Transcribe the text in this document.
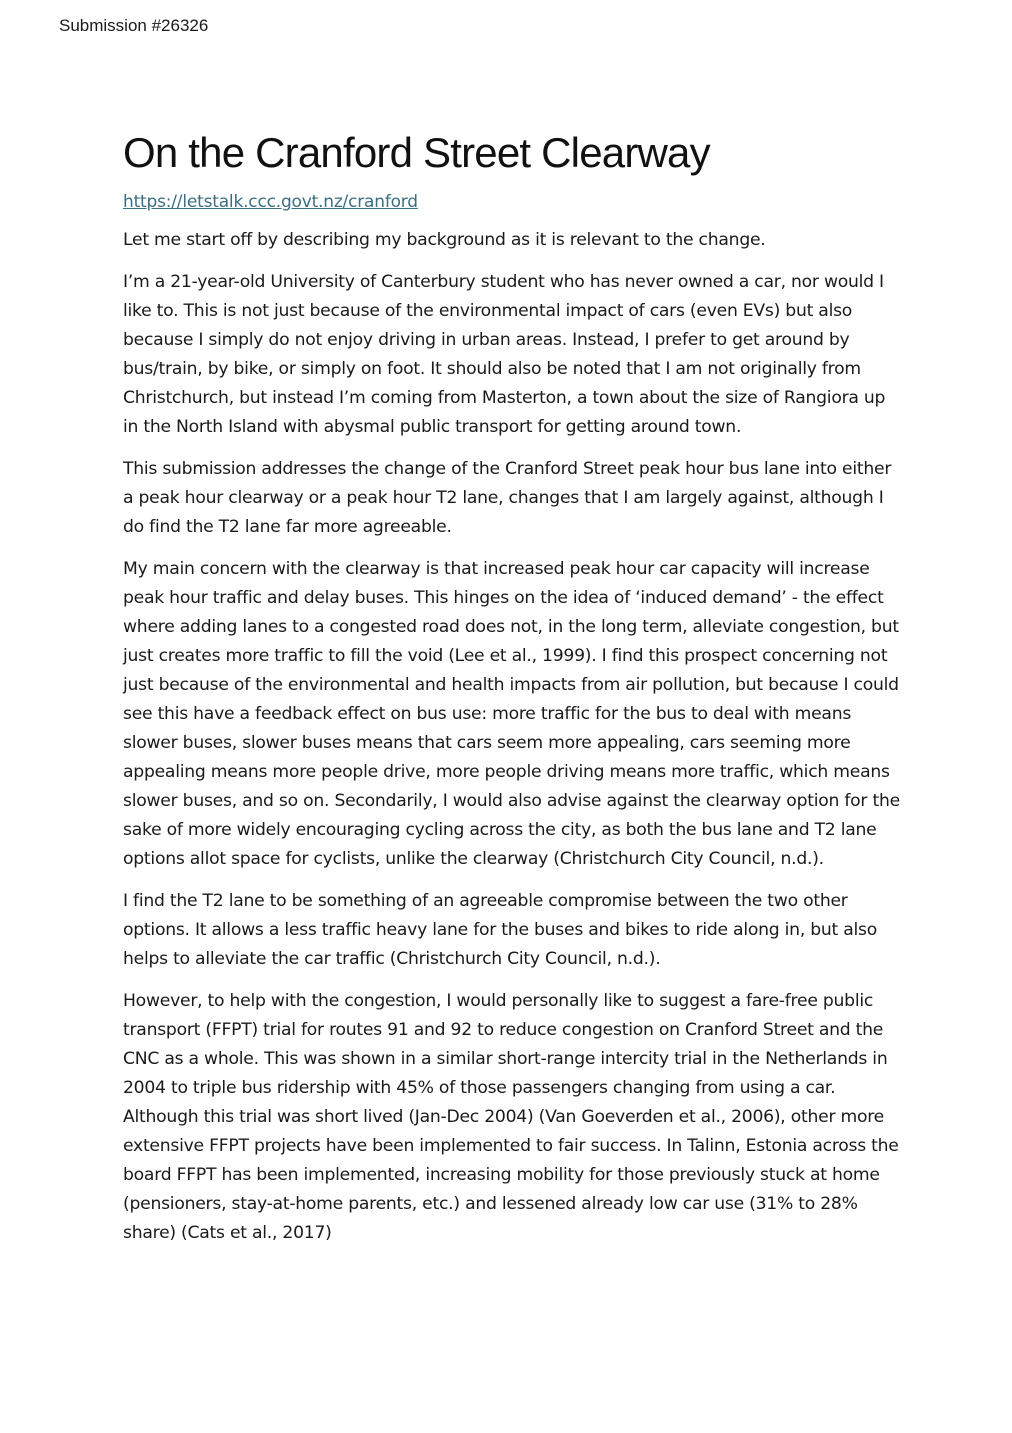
Submission #26326

On the Cranford Street Clearway
https://letstalk.ccc.govt.nz/cranford

Let me start off by describing my background as it is relevant to the change.

I’m a 21-year-old University of Canterbury student who has never owned a car, nor would I like to. This is not just because of the environmental impact of cars (even EVs) but also because I simply do not enjoy driving in urban areas. Instead, I prefer to get around by bus/train, by bike, or simply on foot. It should also be noted that I am not originally from Christchurch, but instead I’m coming from Masterton, a town about the size of Rangiora up in the North Island with abysmal public transport for getting around town.

This submission addresses the change of the Cranford Street peak hour bus lane into either a peak hour clearway or a peak hour T2 lane, changes that I am largely against, although I do find the T2 lane far more agreeable.

My main concern with the clearway is that increased peak hour car capacity will increase peak hour traffic and delay buses. This hinges on the idea of ‘induced demand’ - the effect where adding lanes to a congested road does not, in the long term, alleviate congestion, but just creates more traffic to fill the void (Lee et al., 1999). I find this prospect concerning not just because of the environmental and health impacts from air pollution, but because I could see this have a feedback effect on bus use: more traffic for the bus to deal with means slower buses, slower buses means that cars seem more appealing, cars seeming more appealing means more people drive, more people driving means more traffic, which means slower buses, and so on. Secondarily, I would also advise against the clearway option for the sake of more widely encouraging cycling across the city, as both the bus lane and T2 lane options allot space for cyclists, unlike the clearway (Christchurch City Council, n.d.).

I find the T2 lane to be something of an agreeable compromise between the two other options. It allows a less traffic heavy lane for the buses and bikes to ride along in, but also helps to alleviate the car traffic (Christchurch City Council, n.d.).

However, to help with the congestion, I would personally like to suggest a fare-free public transport (FFPT) trial for routes 91 and 92 to reduce congestion on Cranford Street and the CNC as a whole. This was shown in a similar short-range intercity trial in the Netherlands in 2004 to triple bus ridership with 45% of those passengers changing from using a car. Although this trial was short lived (Jan-Dec 2004) (Van Goeverden et al., 2006), other more extensive FFPT projects have been implemented to fair success. In Talinn, Estonia across the board FFPT has been implemented, increasing mobility for those previously stuck at home (pensioners, stay-at-home parents, etc.) and lessened already low car use (31% to 28% share) (Cats et al., 2017)
